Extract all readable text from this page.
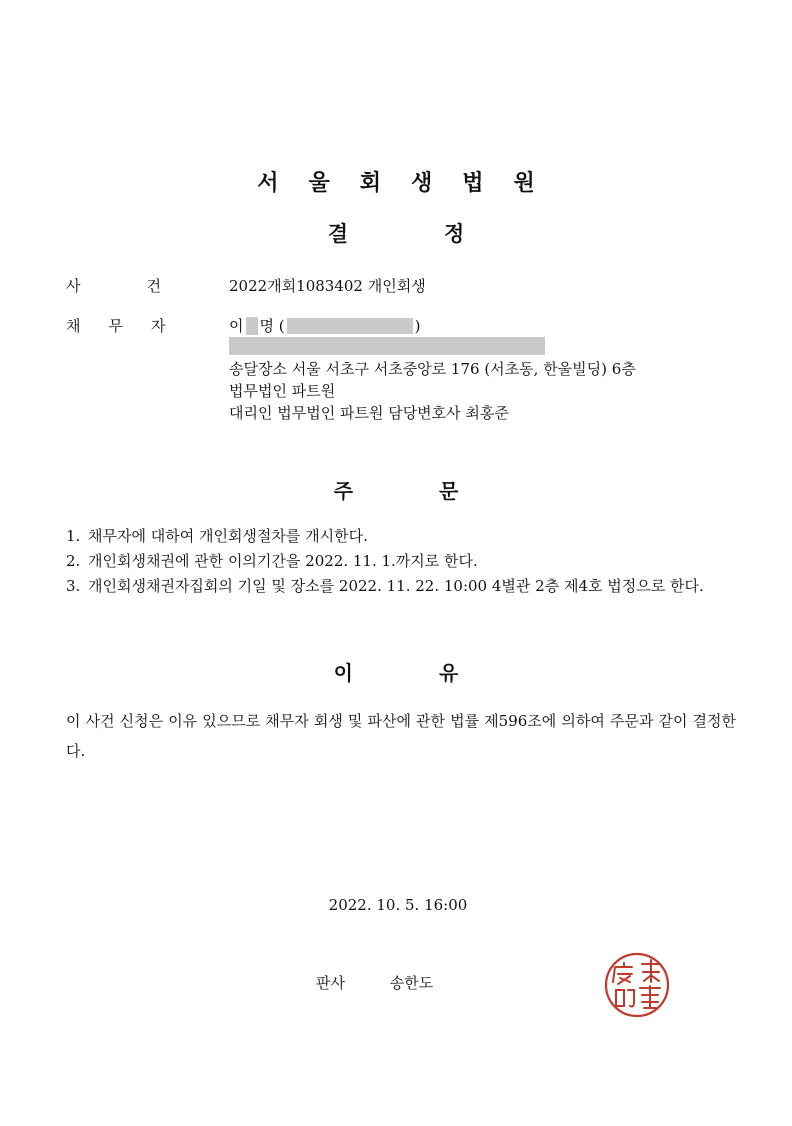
서울회생법원
결정
사건 2022개회1083402 개인회생
채무자 이 명 (	)
송달장소 서울 서초구 서초중앙로 176 (서초동, 한울빌딩) 6층
법무법인 파트원
대리인 법무법인 파트원 담당변호사 최홍준
주문
1. 채무자에 대하여 개인회생절차를 개시한다.
2. 개인회생채권에 관한 이의기간을 2022. 11. 1.까지로 한다.
3. 개인회생채권자집회의 기일 및 장소를 2022. 11. 22. 10:00 4별관 2층 제4호 법정으로 한다.
이유
이 사건 신청은 이유 있으므로 채무자 회생 및 파산에 관한 법률 제596조에 의하여 주문과 같이 결정한다.
2022. 10. 5. 16:00
판사	송한도
